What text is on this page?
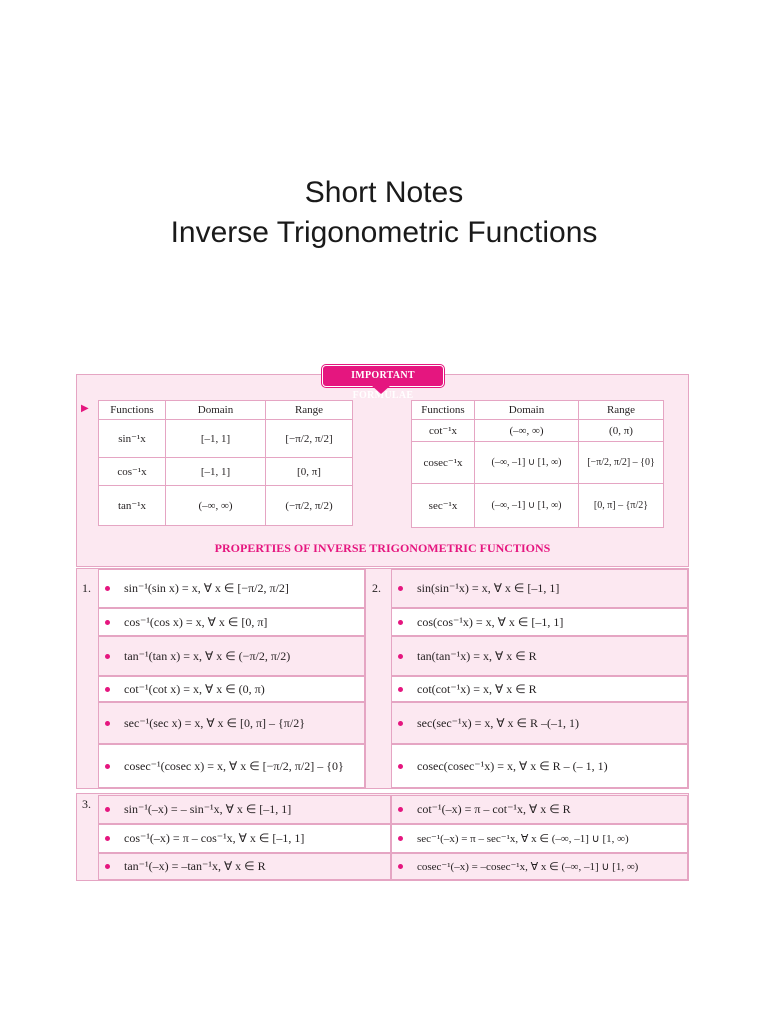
Short Notes
Inverse Trigonometric Functions
IMPORTANT FORMULAE
▶ Functions	Domain	Range
sin⁻¹x	[–1, 1]	[−π/2, π/2]
cos⁻¹x	[–1, 1]	[0, π]
tan⁻¹x	(–∞, ∞)	(−π/2, π/2)
Functions	Domain	Range
cot⁻¹x	(–∞, ∞)	(0, π)
cosec⁻¹x	(–∞, –1] ∪ [1, ∞)	[−π/2, π/2] – {0}
sec⁻¹x	(–∞, –1] ∪ [1, ∞)	[0, π] – {π/2}
PROPERTIES OF INVERSE TRIGONOMETRIC FUNCTIONS
1.	2.
sin⁻¹(sin x) = x, ∀ x ∈ [−π/2, π/2]
cos⁻¹(cos x) = x, ∀ x ∈ [0, π]
tan⁻¹(tan x) = x, ∀ x ∈ (−π/2, π/2)
cot⁻¹(cot x) = x, ∀ x ∈ (0, π)
sec⁻¹(sec x) = x, ∀ x ∈ [0, π] – {π/2}
cosec⁻¹(cosec x) = x, ∀ x ∈ [−π/2, π/2] – {0}
sin(sin⁻¹x) = x, ∀ x ∈ [–1, 1]
cos(cos⁻¹x) = x, ∀ x ∈ [–1, 1]
tan(tan⁻¹x) = x, ∀ x ∈ R
cot(cot⁻¹x) = x, ∀ x ∈ R
sec(sec⁻¹x) = x, ∀ x ∈ R –(–1, 1)
cosec(cosec⁻¹x) = x, ∀ x ∈ R – (– 1, 1)
3.	sin⁻¹(–x) = – sin⁻¹x, ∀ x ∈ [–1, 1]
cos⁻¹(–x) = π – cos⁻¹x, ∀ x ∈ [–1, 1]
tan⁻¹(–x) = –tan⁻¹x, ∀ x ∈ R
cot⁻¹(–x) = π – cot⁻¹x, ∀ x ∈ R
sec⁻¹(–x) = π – sec⁻¹x, ∀ x ∈ (–∞, –1] ∪ [1, ∞)
cosec⁻¹(–x) = –cosec⁻¹x, ∀ x ∈ (–∞, –1] ∪ [1, ∞)
